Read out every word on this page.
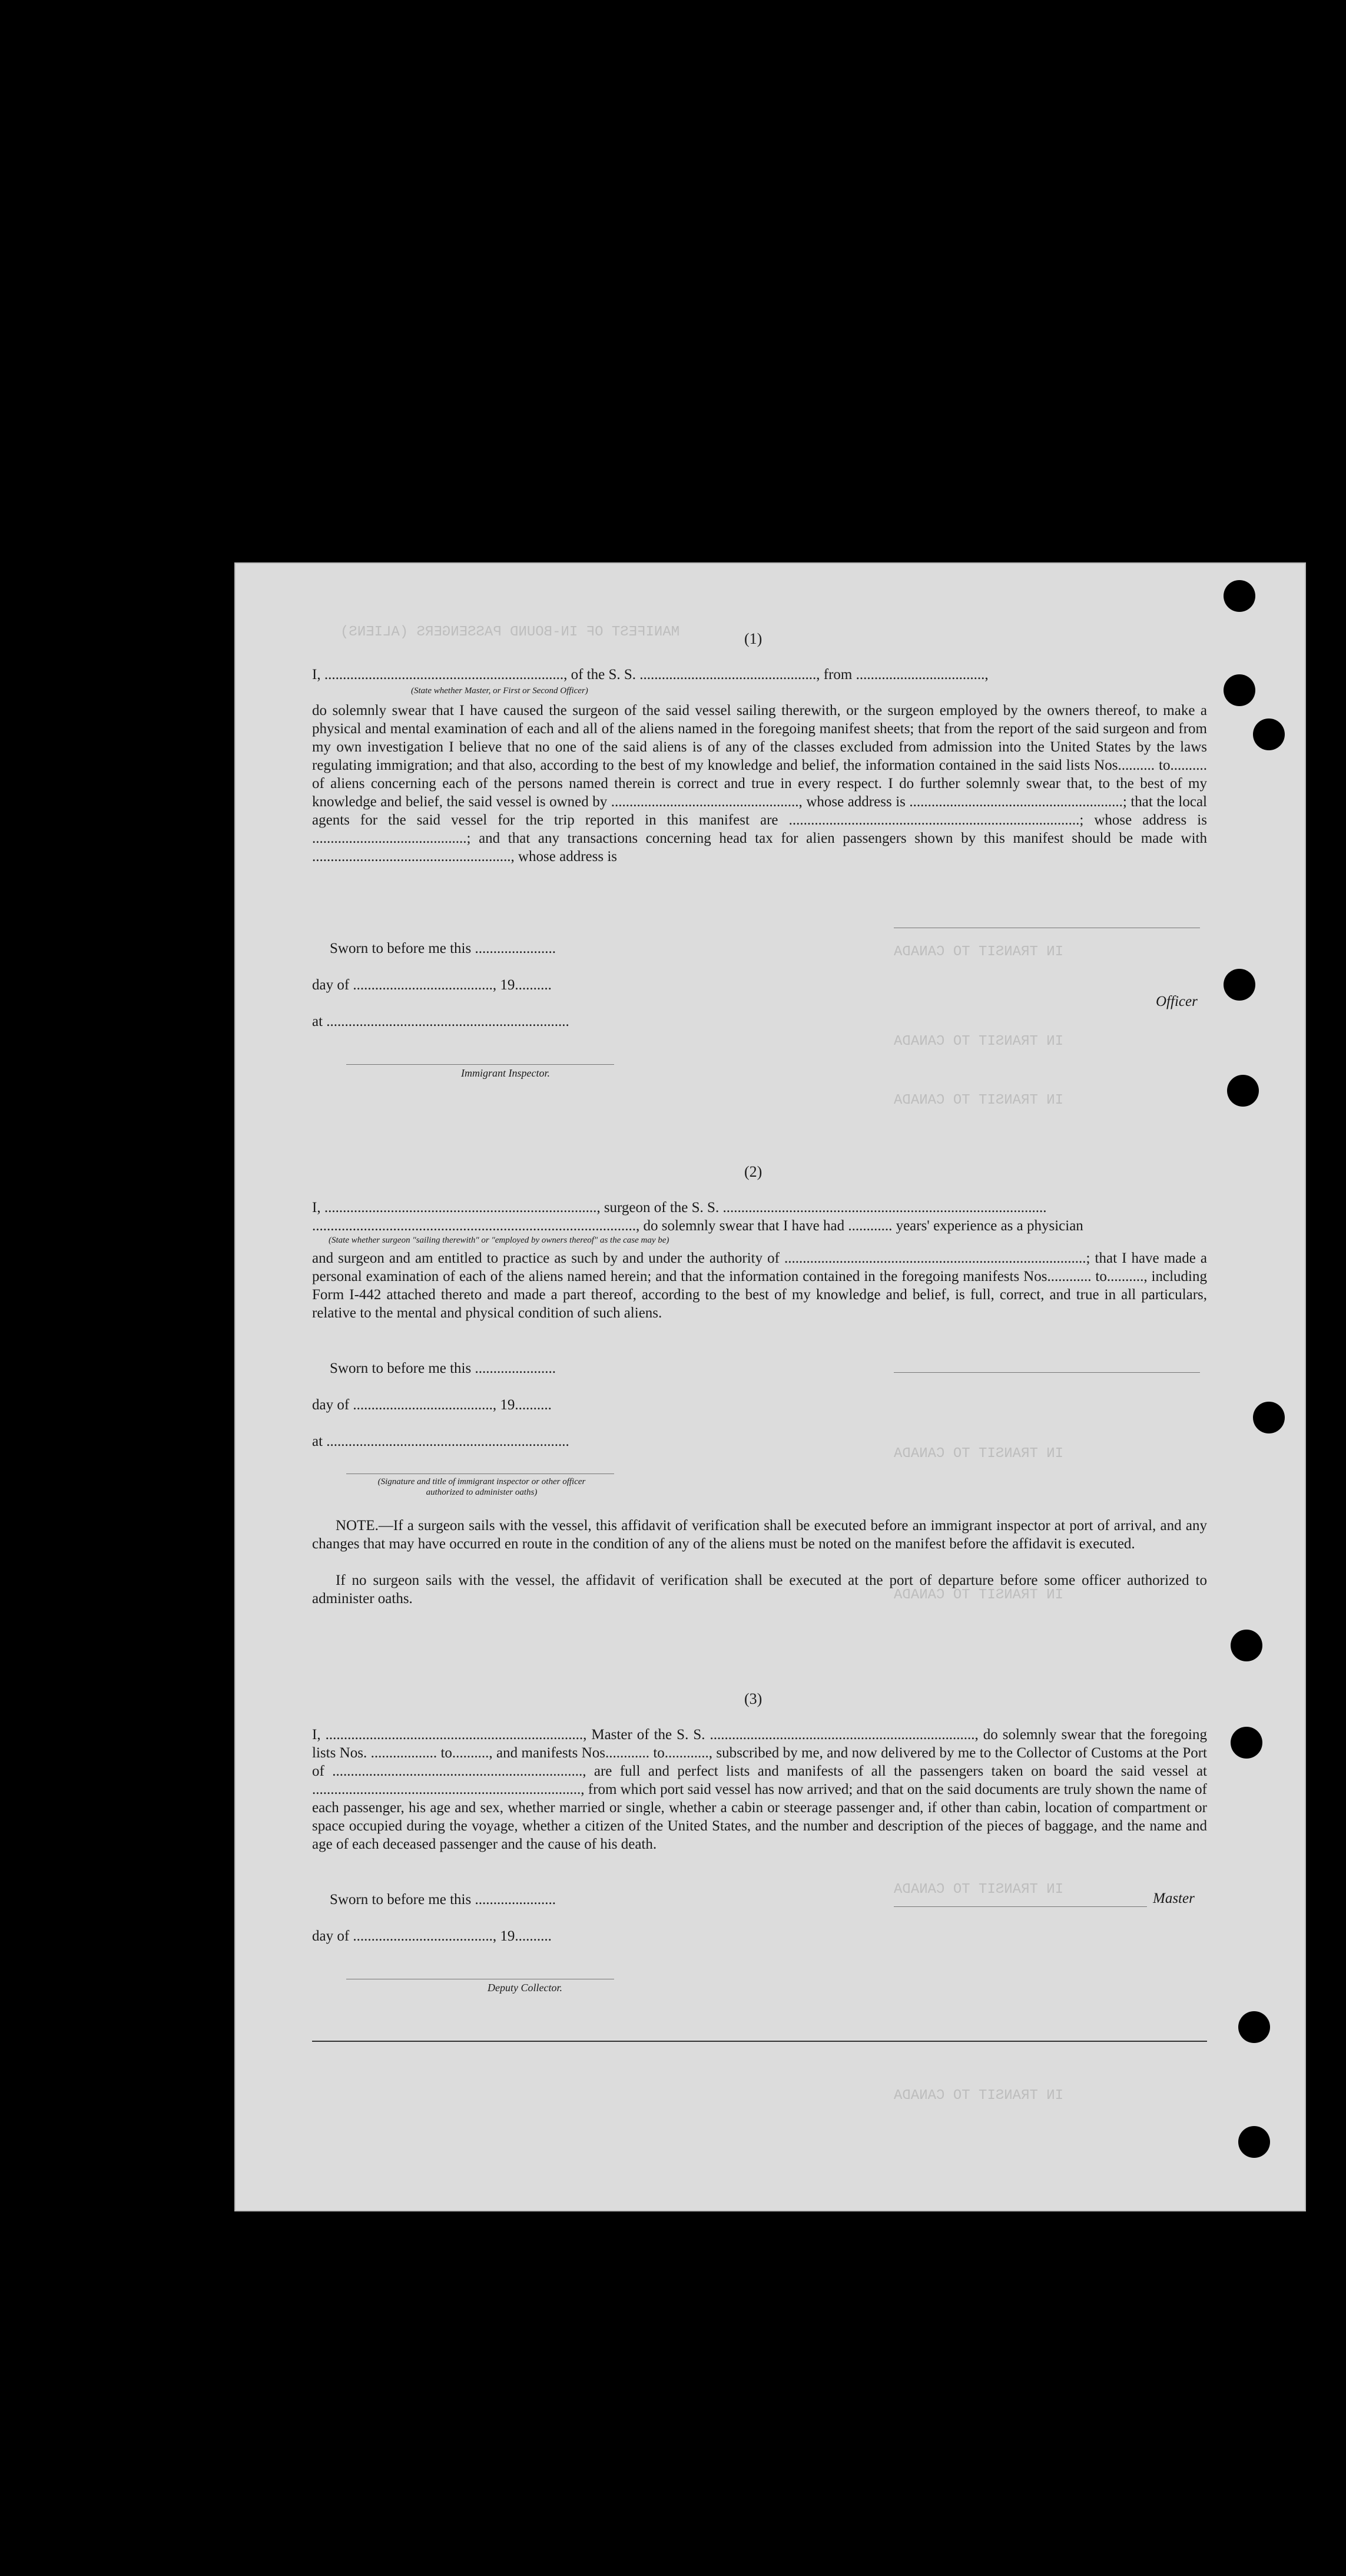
MANIFEST OF IN-BOUND PASSENGERS (ALIENS)
IN TRANSIT TO CANADA
IN TRANSIT TO CANADA
IN TRANSIT TO CANADA
IN TRANSIT TO CANADA
IN TRANSIT TO CANADA
IN TRANSIT TO CANADA
IN TRANSIT TO CANADA
(1)
I, ................................................................., of the S. S. ................................................, from ...................................,
(State whether Master, or First or Second Officer)
do solemnly swear that I have caused the surgeon of the said vessel sailing therewith, or the surgeon employed by the owners thereof, to make a physical and mental examination of each and all of the aliens named in the foregoing manifest sheets; that from the report of the said surgeon and from my own investigation I believe that no one of the said aliens is of any of the classes excluded from admission into the United States by the laws regulating immigration; and that also, according to the best of my knowledge and belief, the information contained in the said lists Nos.......... to.......... of aliens concerning each of the persons named therein is correct and true in every respect. I do further solemnly swear that, to the best of my knowledge and belief, the said vessel is owned by ..................................................., whose address is ..........................................................; that the local agents for the said vessel for the trip reported in this manifest are ...............................................................................; whose address is ..........................................; and that any transactions concerning head tax for alien passengers shown by this manifest should be made with ......................................................, whose address is
Sworn to before me this ......................
day of ......................................, 19..........
at ..................................................................
Immigrant Inspector.
Officer
(2)
I, .........................................................................., surgeon of the S. S. ........................................................................................
........................................................................................, do solemnly swear that I have had ............ years' experience as a physician
(State whether surgeon "sailing therewith" or "employed by owners thereof" as the case may be)
and surgeon and am entitled to practice as such by and under the authority of ..................................................................................; that I have made a personal examination of each of the aliens named herein; and that the information contained in the foregoing manifests Nos............ to.........., including Form I-442 attached thereto and made a part thereof, according to the best of my knowledge and belief, is full, correct, and true in all particulars, relative to the mental and physical condition of such aliens.
Sworn to before me this ......................
day of ......................................, 19..........
at ..................................................................
(Signature and title of immigrant inspector or other officer authorized to administer oaths)
NOTE.—If a surgeon sails with the vessel, this affidavit of verification shall be executed before an immigrant inspector at port of arrival, and any changes that may have occurred en route in the condition of any of the aliens must be noted on the manifest before the affidavit is executed.
If no surgeon sails with the vessel, the affidavit of verification shall be executed at the port of departure before some officer authorized to administer oaths.
(3)
I, ......................................................................, Master of the S. S. ........................................................................, do solemnly swear that the foregoing lists Nos. .................. to.........., and manifests Nos............ to............, subscribed by me, and now delivered by me to the Collector of Customs at the Port of ...................................................................., are full and perfect lists and manifests of all the passengers taken on board the said vessel at ........................................................................., from which port said vessel has now arrived; and that on the said documents are truly shown the name of each passenger, his age and sex, whether married or single, whether a cabin or steerage passenger and, if other than cabin, location of compartment or space occupied during the voyage, whether a citizen of the United States, and the number and description of the pieces of baggage, and the name and age of each deceased passenger and the cause of his death.
Sworn to before me this ......................
day of ......................................, 19..........
Master
Deputy Collector.
